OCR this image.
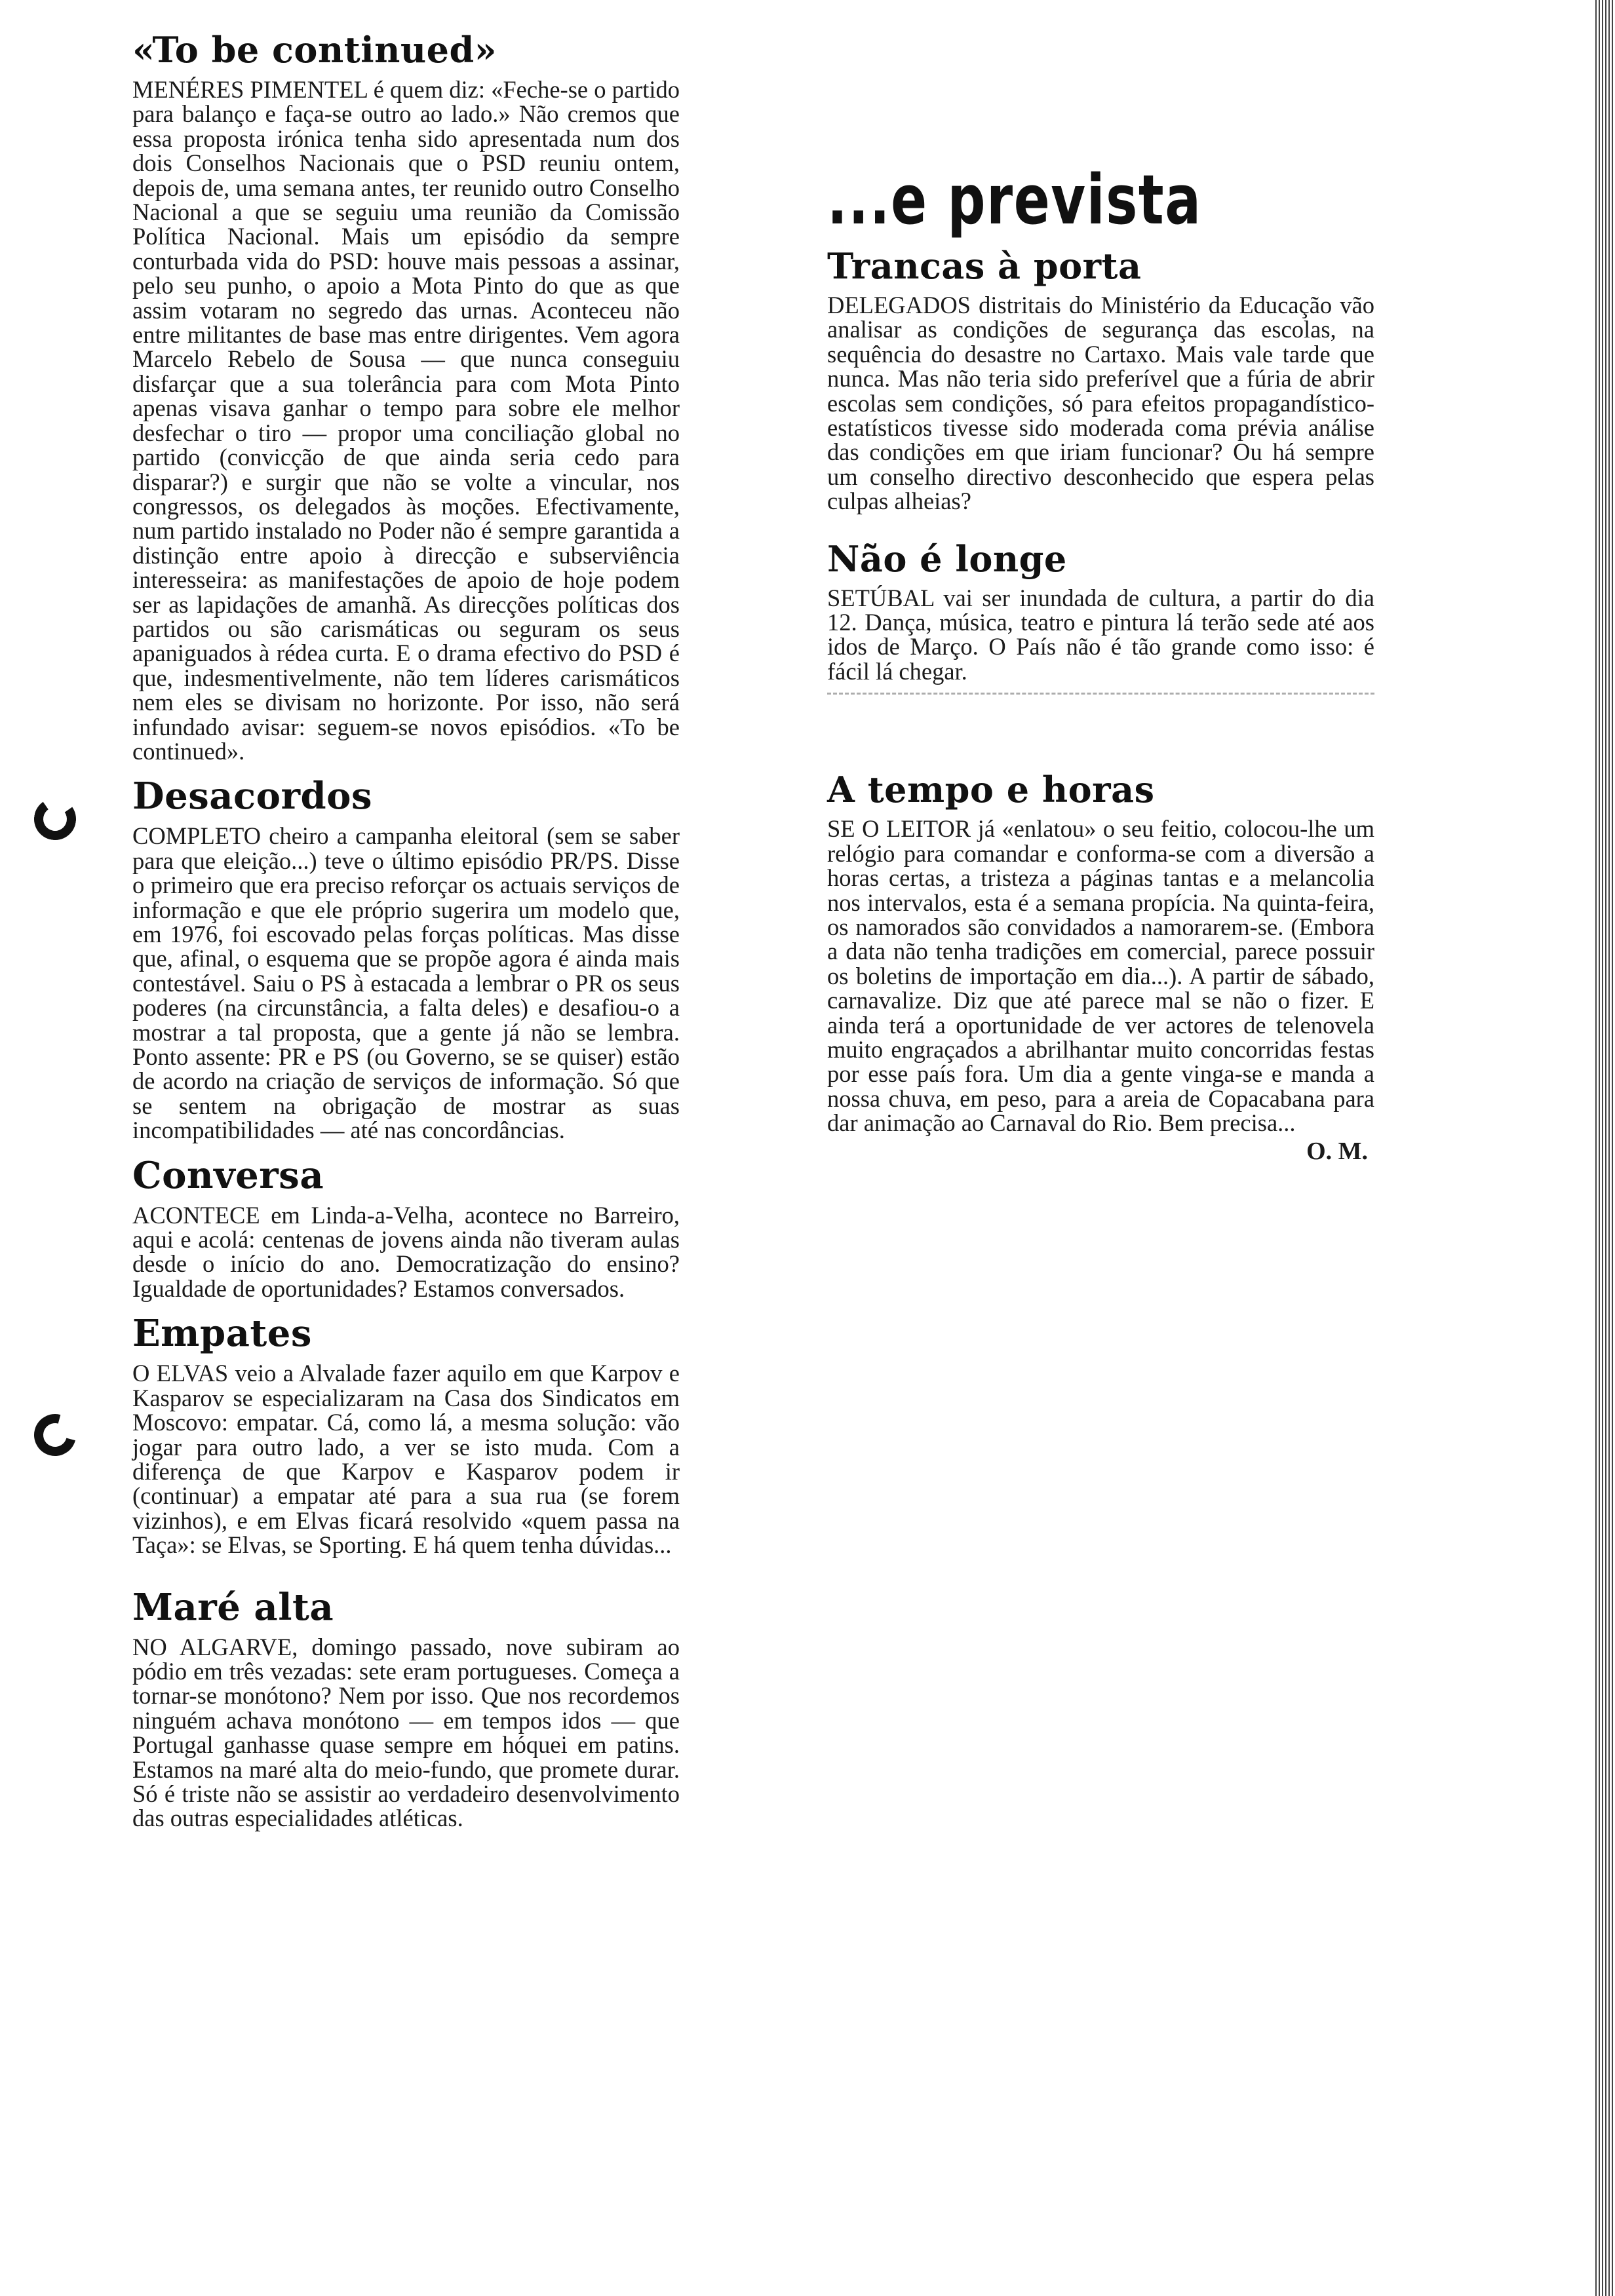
«To be continued»

MENÉRES PIMENTEL é quem diz: «Feche-se o partido para balanço e faça-se outro ao lado.» Não cremos que essa proposta irónica tenha sido apresentada num dos dois Conselhos Nacionais que o PSD reuniu ontem, depois de, uma semana antes, ter reunido outro Conselho Nacional a que se seguiu uma reunião da Comissão Política Nacional. Mais um episódio da sempre conturbada vida do PSD: houve mais pessoas a assinar, pelo seu punho, o apoio a Mota Pinto do que as que assim votaram no segredo das urnas. Aconteceu não entre militantes de base mas entre dirigentes. Vem agora Marcelo Rebelo de Sousa — que nunca conseguiu disfarçar que a sua tolerância para com Mota Pinto apenas visava ganhar o tempo para sobre ele melhor desfechar o tiro — propor uma conciliação global no partido (convicção de que ainda seria cedo para disparar?) e surgir que não se volte a vincular, nos congressos, os delegados às moções. Efectivamente, num partido instalado no Poder não é sempre garantida a distinção entre apoio à direcção e subserviência interesseira: as manifestações de apoio de hoje podem ser as lapidações de amanhã. As direcções políticas dos partidos ou são carismáticas ou seguram os seus apaniguados à rédea curta. E o drama efectivo do PSD é que, indesmentivelmente, não tem líderes carismáticos nem eles se divisam no horizonte. Por isso, não será infundado avisar: seguem-se novos episódios. «To be continued».

Desacordos

COMPLETO cheiro a campanha eleitoral (sem se saber para que eleição...) teve o último episódio PR/PS. Disse o primeiro que era preciso reforçar os actuais serviços de informação e que ele próprio sugerira um modelo que, em 1976, foi escovado pelas forças políticas. Mas disse que, afinal, o esquema que se propõe agora é ainda mais contestável. Saiu o PS à estacada a lembrar o PR os seus poderes (na circunstância, a falta deles) e desafiou-o a mostrar a tal proposta, que a gente já não se lembra. Ponto assente: PR e PS (ou Governo, se se quiser) estão de acordo na criação de serviços de informação. Só que se sentem na obrigação de mostrar as suas incompatibilidades — até nas concordâncias.

Conversa

ACONTECE em Linda-a-Velha, acontece no Barreiro, aqui e acolá: centenas de jovens ainda não tiveram aulas desde o início do ano. Democratização do ensino? Igualdade de oportunidades? Estamos conversados.

Empates

O ELVAS veio a Alvalade fazer aquilo em que Karpov e Kasparov se especializaram na Casa dos Sindicatos em Moscovo: empatar. Cá, como lá, a mesma solução: vão jogar para outro lado, a ver se isto muda. Com a diferença de que Karpov e Kasparov podem ir (continuar) a empatar até para a sua rua (se forem vizinhos), e em Elvas ficará resolvido «quem passa na Taça»: se Elvas, se Sporting. E há quem tenha dúvidas...

Maré alta

NO ALGARVE, domingo passado, nove subiram ao pódio em três vezadas: sete eram portugueses. Começa a tornar-se monótono? Nem por isso. Que nos recordemos ninguém achava monótono — em tempos idos — que Portugal ganhasse quase sempre em hóquei em patins. Estamos na maré alta do meio-fundo, que promete durar. Só é triste não se assistir ao verdadeiro desenvolvimento das outras especialidades atléticas.

...e prevista
Trancas à porta

DELEGADOS distritais do Ministério da Educação vão analisar as condições de segurança das escolas, na sequência do desastre no Cartaxo. Mais vale tarde que nunca. Mas não teria sido preferível que a fúria de abrir escolas sem condições, só para efeitos propagandístico-estatísticos tivesse sido moderada coma prévia análise das condições em que iriam funcionar? Ou há sempre um conselho directivo desconhecido que espera pelas culpas alheias?

Não é longe

SETÚBAL vai ser inundada de cultura, a partir do dia 12. Dança, música, teatro e pintura lá terão sede até aos idos de Março. O País não é tão grande como isso: é fácil lá chegar.

A tempo e horas

SE O LEITOR já «enlatou» o seu feitio, colocou-lhe um relógio para comandar e conforma-se com a diversão a horas certas, a tristeza a páginas tantas e a melancolia nos intervalos, esta é a semana propícia. Na quinta-feira, os namorados são convidados a namorarem-se. (Embora a data não tenha tradições em comercial, parece possuir os boletins de importação em dia...). A partir de sábado, carnavalize. Diz que até parece mal se não o fizer. E ainda terá a oportunidade de ver actores de telenovela muito engraçados a abrilhantar muito concorridas festas por esse país fora. Um dia a gente vinga-se e manda a nossa chuva, em peso, para a areia de Copacabana para dar animação ao Carnaval do Rio. Bem precisa...

O. M.
